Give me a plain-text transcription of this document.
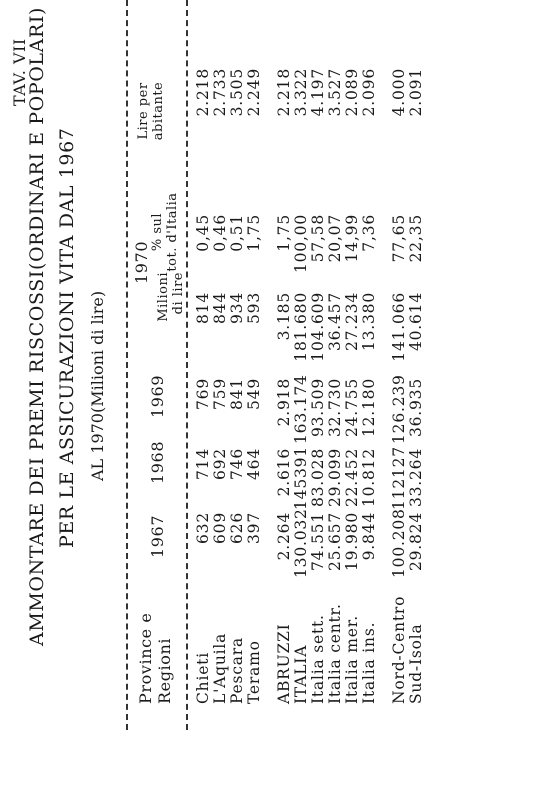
TAV. VII
AMMONTARE DEI PREMI RISCOSSI(ORDINARI E POPOLARI) PER LE ASSICURAZIONI VITA DAL 1967 AL 1970(Milioni di lire)
Province e Regioni
1967
1968
1969
1970
Milioni di lire
% sul tot. d'Italia
Lire per abitante
Chieti
632
714
769
814
0,45
2.218
L'Aquila
609
692
759
844
0,46
2.733
Pescara
626
746
841
934
0,51
3.505
Teramo
397
464
549
593
1,75
2.249
ABRUZZI
2.264
2.616
2.918
3.185
1,75
2.218
ITALIA
130.032
145391
163.174
181.680
100,00
3.322
Italia sett.
74.551
83.028
93.509
104.609
57,58
4.197
Italia centr.
25.657
29.099
32.730
36.457
20,07
3.527
Italia mer.
19.980
22.452
24.755
27.234
14,99
2.089
Italia ins.
9.844
10.812
12.180
13.380
7,36
2.096
Nord-Centro
100.208
112127
126.239
141.066
77,65
4.000
Sud-Isola
29.824
33.264
36.935
40.614
22,35
2.091
